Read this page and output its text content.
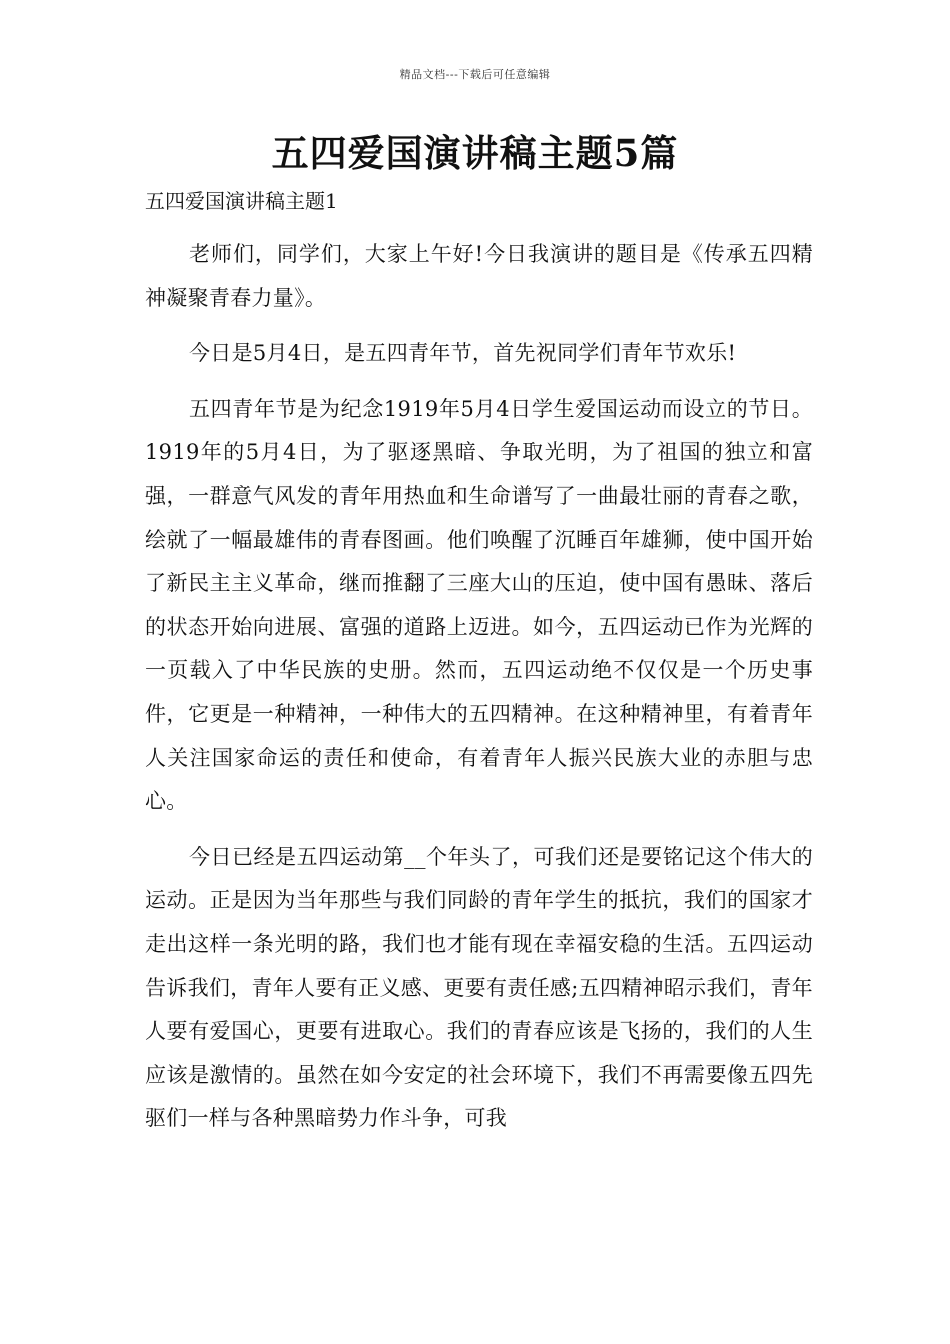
精品文档---下载后可任意编辑
五四爱国演讲稿主题5篇
五四爱国演讲稿主题1

老师们，同学们，大家上午好!今日我演讲的题目是《传承五四精神凝聚青春力量》。

今日是5月4日，是五四青年节，首先祝同学们青年节欢乐!

五四青年节是为纪念1919年5月4日学生爱国运动而设立的节日。1919年的5月4日，为了驱逐黑暗、争取光明，为了祖国的独立和富强，一群意气风发的青年用热血和生命谱写了一曲最壮丽的青春之歌，绘就了一幅最雄伟的青春图画。他们唤醒了沉睡百年雄狮，使中国开始了新民主主义革命，继而推翻了三座大山的压迫，使中国有愚昧、落后的状态开始向进展、富强的道路上迈进。如今，五四运动已作为光辉的一页载入了中华民族的史册。然而，五四运动绝不仅仅是一个历史事件，它更是一种精神，一种伟大的五四精神。在这种精神里，有着青年人关注国家命运的责任和使命，有着青年人振兴民族大业的赤胆与忠心。

今日已经是五四运动第__个年头了，可我们还是要铭记这个伟大的运动。正是因为当年那些与我们同龄的青年学生的抵抗，我们的国家才走出这样一条光明的路，我们也才能有现在幸福安稳的生活。五四运动告诉我们，青年人要有正义感、更要有责任感;五四精神昭示我们，青年人要有爱国心，更要有进取心。我们的青春应该是飞扬的，我们的人生应该是激情的。虽然在如今安定的社会环境下，我们不再需要像五四先驱们一样与各种黑暗势力作斗争，可我
